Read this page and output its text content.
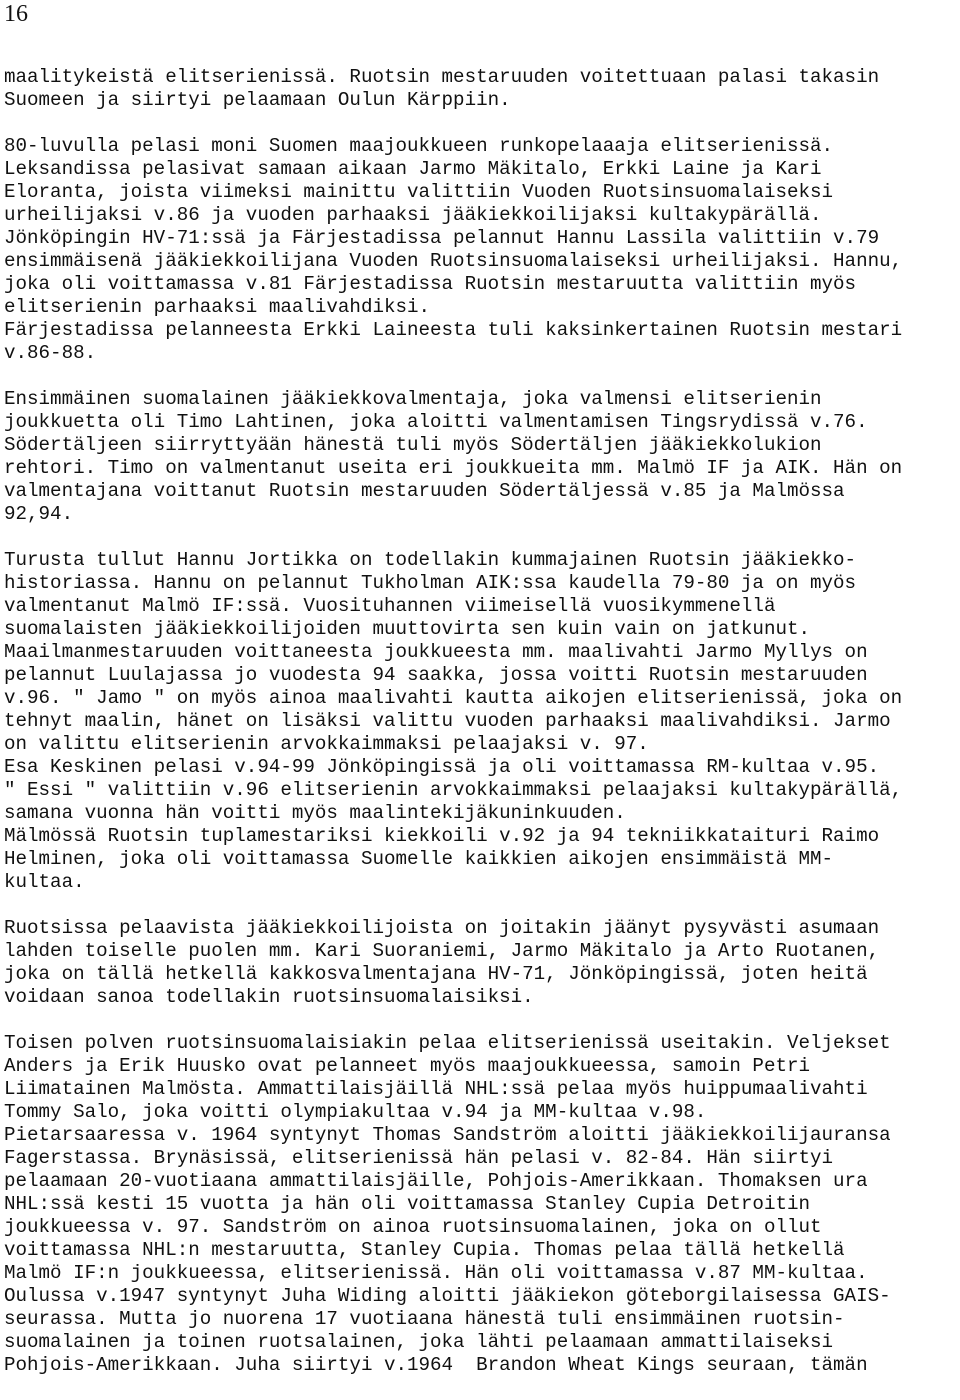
16
maalitykeistä elitserienissä. Ruotsin mestaruuden voitettuaan palasi takasin
Suomeen ja siirtyi pelaamaan Oulun Kärppiin.
80-luvulla pelasi moni Suomen maajoukkueen runkopelaaaja elitserienissä.
Leksandissa pelasivat samaan aikaan Jarmo Mäkitalo, Erkki Laine ja Kari
Eloranta, joista viimeksi mainittu valittiin Vuoden Ruotsinsuomalaiseksi
urheilijaksi v.86 ja vuoden parhaaksi jääkiekkoilijaksi kultakypärällä.
Jönköpingin HV-71:ssä ja Färjestadissa pelannut Hannu Lassila valittiin v.79
ensimmäisenä jääkiekkoilijana Vuoden Ruotsinsuomalaiseksi urheilijaksi. Hannu,
joka oli voittamassa v.81 Färjestadissa Ruotsin mestaruutta valittiin myös
elitserienin parhaaksi maalivahdiksi.
Färjestadissa pelanneesta Erkki Laineesta tuli kaksinkertainen Ruotsin mestari
v.86-88.
Ensimmäinen suomalainen jääkiekkovalmentaja, joka valmensi elitserienin
joukkuetta oli Timo Lahtinen, joka aloitti valmentamisen Tingsrydissä v.76.
Södertäljeen siirryttyään hänestä tuli myös Södertäljen jääkiekkolukion
rehtori. Timo on valmentanut useita eri joukkueita mm. Malmö IF ja AIK. Hän on
valmentajana voittanut Ruotsin mestaruuden Södertäljessä v.85 ja Malmössa
92,94.
Turusta tullut Hannu Jortikka on todellakin kummajainen Ruotsin jääkiekko-
historiassa. Hannu on pelannut Tukholman AIK:ssa kaudella 79-80 ja on myös
valmentanut Malmö IF:ssä. Vuosituhannen viimeisellä vuosikymmenellä
suomalaisten jääkiekkoilijoiden muuttovirta sen kuin vain on jatkunut.
Maailmanmestaruuden voittaneesta joukkueesta mm. maalivahti Jarmo Myllys on
pelannut Luulajassa jo vuodesta 94 saakka, jossa voitti Ruotsin mestaruuden
v.96. " Jamo " on myös ainoa maalivahti kautta aikojen elitserienissä, joka on
tehnyt maalin, hänet on lisäksi valittu vuoden parhaaksi maalivahdiksi. Jarmo
on valittu elitserienin arvokkaimmaksi pelaajaksi v. 97.
Esa Keskinen pelasi v.94-99 Jönköpingissä ja oli voittamassa RM-kultaa v.95.
" Essi " valittiin v.96 elitserienin arvokkaimmaksi pelaajaksi kultakypärällä,
samana vuonna hän voitti myös maalintekijäkuninkuuden.
Mälmössä Ruotsin tuplamestariksi kiekkoili v.92 ja 94 tekniikkataituri Raimo
Helminen, joka oli voittamassa Suomelle kaikkien aikojen ensimmäistä MM-
kultaa.
Ruotsissa pelaavista jääkiekkoilijoista on joitakin jäänyt pysyvästi asumaan
lahden toiselle puolen mm. Kari Suoraniemi, Jarmo Mäkitalo ja Arto Ruotanen,
joka on tällä hetkellä kakkosvalmentajana HV-71, Jönköpingissä, joten heitä
voidaan sanoa todellakin ruotsinsuomalaisiksi.
Toisen polven ruotsinsuomalaisiakin pelaa elitserienissä useitakin. Veljekset
Anders ja Erik Huusko ovat pelanneet myös maajoukkueessa, samoin Petri
Liimatainen Malmösta. Ammattilaisjäillä NHL:ssä pelaa myös huippumaalivahti
Tommy Salo, joka voitti olympiakultaa v.94 ja MM-kultaa v.98.
Pietarsaaressa v. 1964 syntynyt Thomas Sandström aloitti jääkiekkoilijauransa
Fagerstassa. Brynäsissä, elitserienissä hän pelasi v. 82-84. Hän siirtyi
pelaamaan 20-vuotiaana ammattilaisjäille, Pohjois-Amerikkaan. Thomaksen ura
NHL:ssä kesti 15 vuotta ja hän oli voittamassa Stanley Cupia Detroitin
joukkueessa v. 97. Sandström on ainoa ruotsinsuomalainen, joka on ollut
voittamassa NHL:n mestaruutta, Stanley Cupia. Thomas pelaa tällä hetkellä
Malmö IF:n joukkueessa, elitserienissä. Hän oli voittamassa v.87 MM-kultaa.
Oulussa v.1947 syntynyt Juha Widing aloitti jääkiekon göteborgilaisessa GAIS-
seurassa. Mutta jo nuorena 17 vuotiaana hänestä tuli ensimmäinen ruotsin-
suomalainen ja toinen ruotsalainen, joka lähti pelaamaan ammattilaiseksi
Pohjois-Amerikkaan. Juha siirtyi v.1964  Brandon Wheat Kings seuraan, tämän
